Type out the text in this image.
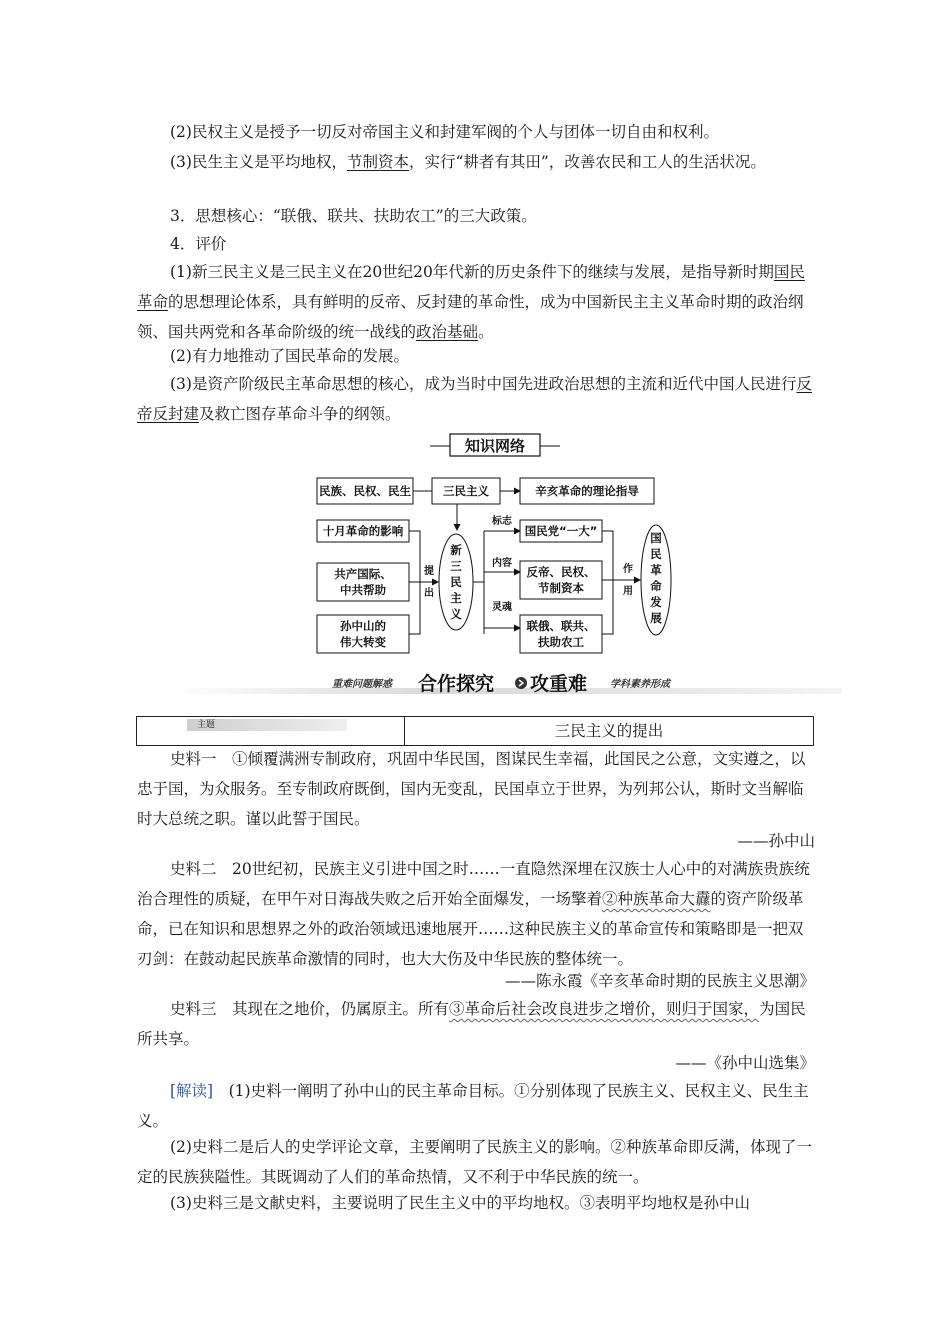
(2)民权主义是授予一切反对帝国主义和封建军阀的个人与团体一切自由和权利。
(3)民生主义是平均地权，节制资本，实行“耕者有其田”，改善农民和工人的生活状况。
3．思想核心：“联俄、联共、扶助农工”的三大政策。
4．评价
(1)新三民主义是三民主义在20世纪20年代新的历史条件下的继续与发展，是指导新时期国民革命的思想理论体系，具有鲜明的反帝、反封建的革命性，成为中国新民主主义革命时期的政治纲领、国共两党和各革命阶级的统一战线的政治基础。
(2)有力地推动了国民革命的发展。
(3)是资产阶级民主革命思想的核心，成为当时中国先进政治思想的主流和近代中国人民进行反帝反封建及救亡图存革命斗争的纲领。
知识网络
民族、民权、民生	三民主义	辛亥革命的理论指导
十月革命的影响
共产国际、
中共帮助
孙中山的
伟大转变
提
出
新
三
民
主
义
标志
内容
灵魂
国民党“一大”
反帝、民权、
节制资本
联俄、联共、
扶助农工
作
用
国
民
革
命
发
展
重难问题解惑 合作探究 攻重难 学科素养形成
主题	三民主义的提出
史料一　 ①倾覆满洲专制政府，巩固中华民国，图谋民生幸福，此国民之公意，文实遵之，以忠于国，为众服务。至专制政府既倒，国内无变乱，民国卓立于世界，为列邦公认，斯时文当解临时大总统之职。谨以此誓于国民。
——孙中山
史料二　 20世纪初，民族主义引进中国之时……一直隐然深埋在汉族士人心中的对满族贵族统治合理性的质疑，在甲午对日海战失败之后开始全面爆发，一场擎着②种族革命大纛的资产阶级革命，已在知识和思想界之外的政治领域迅速地展开……这种民族主义的革命宣传和策略即是一把双刃剑：在鼓动起民族革命激情的同时，也大大伤及中华民族的整体统一。
——陈永霞《辛亥革命时期的民族主义思潮》
史料三　 其现在之地价，仍属原主。所有③革命后社会改良进步之增价，则归于国家，为国民所共享。
——《孙中山选集》
[解读]　 (1)史料一阐明了孙中山的民主革命目标。①分别体现了民族主义、民权主义、民生主义。
(2)史料二是后人的史学评论文章，主要阐明了民族主义的影响。②种族革命即反满，体现了一定的民族狭隘性。其既调动了人们的革命热情，又不利于中华民族的统一。
(3)史料三是文献史料，主要说明了民生主义中的平均地权。③表明平均地权是孙中山
